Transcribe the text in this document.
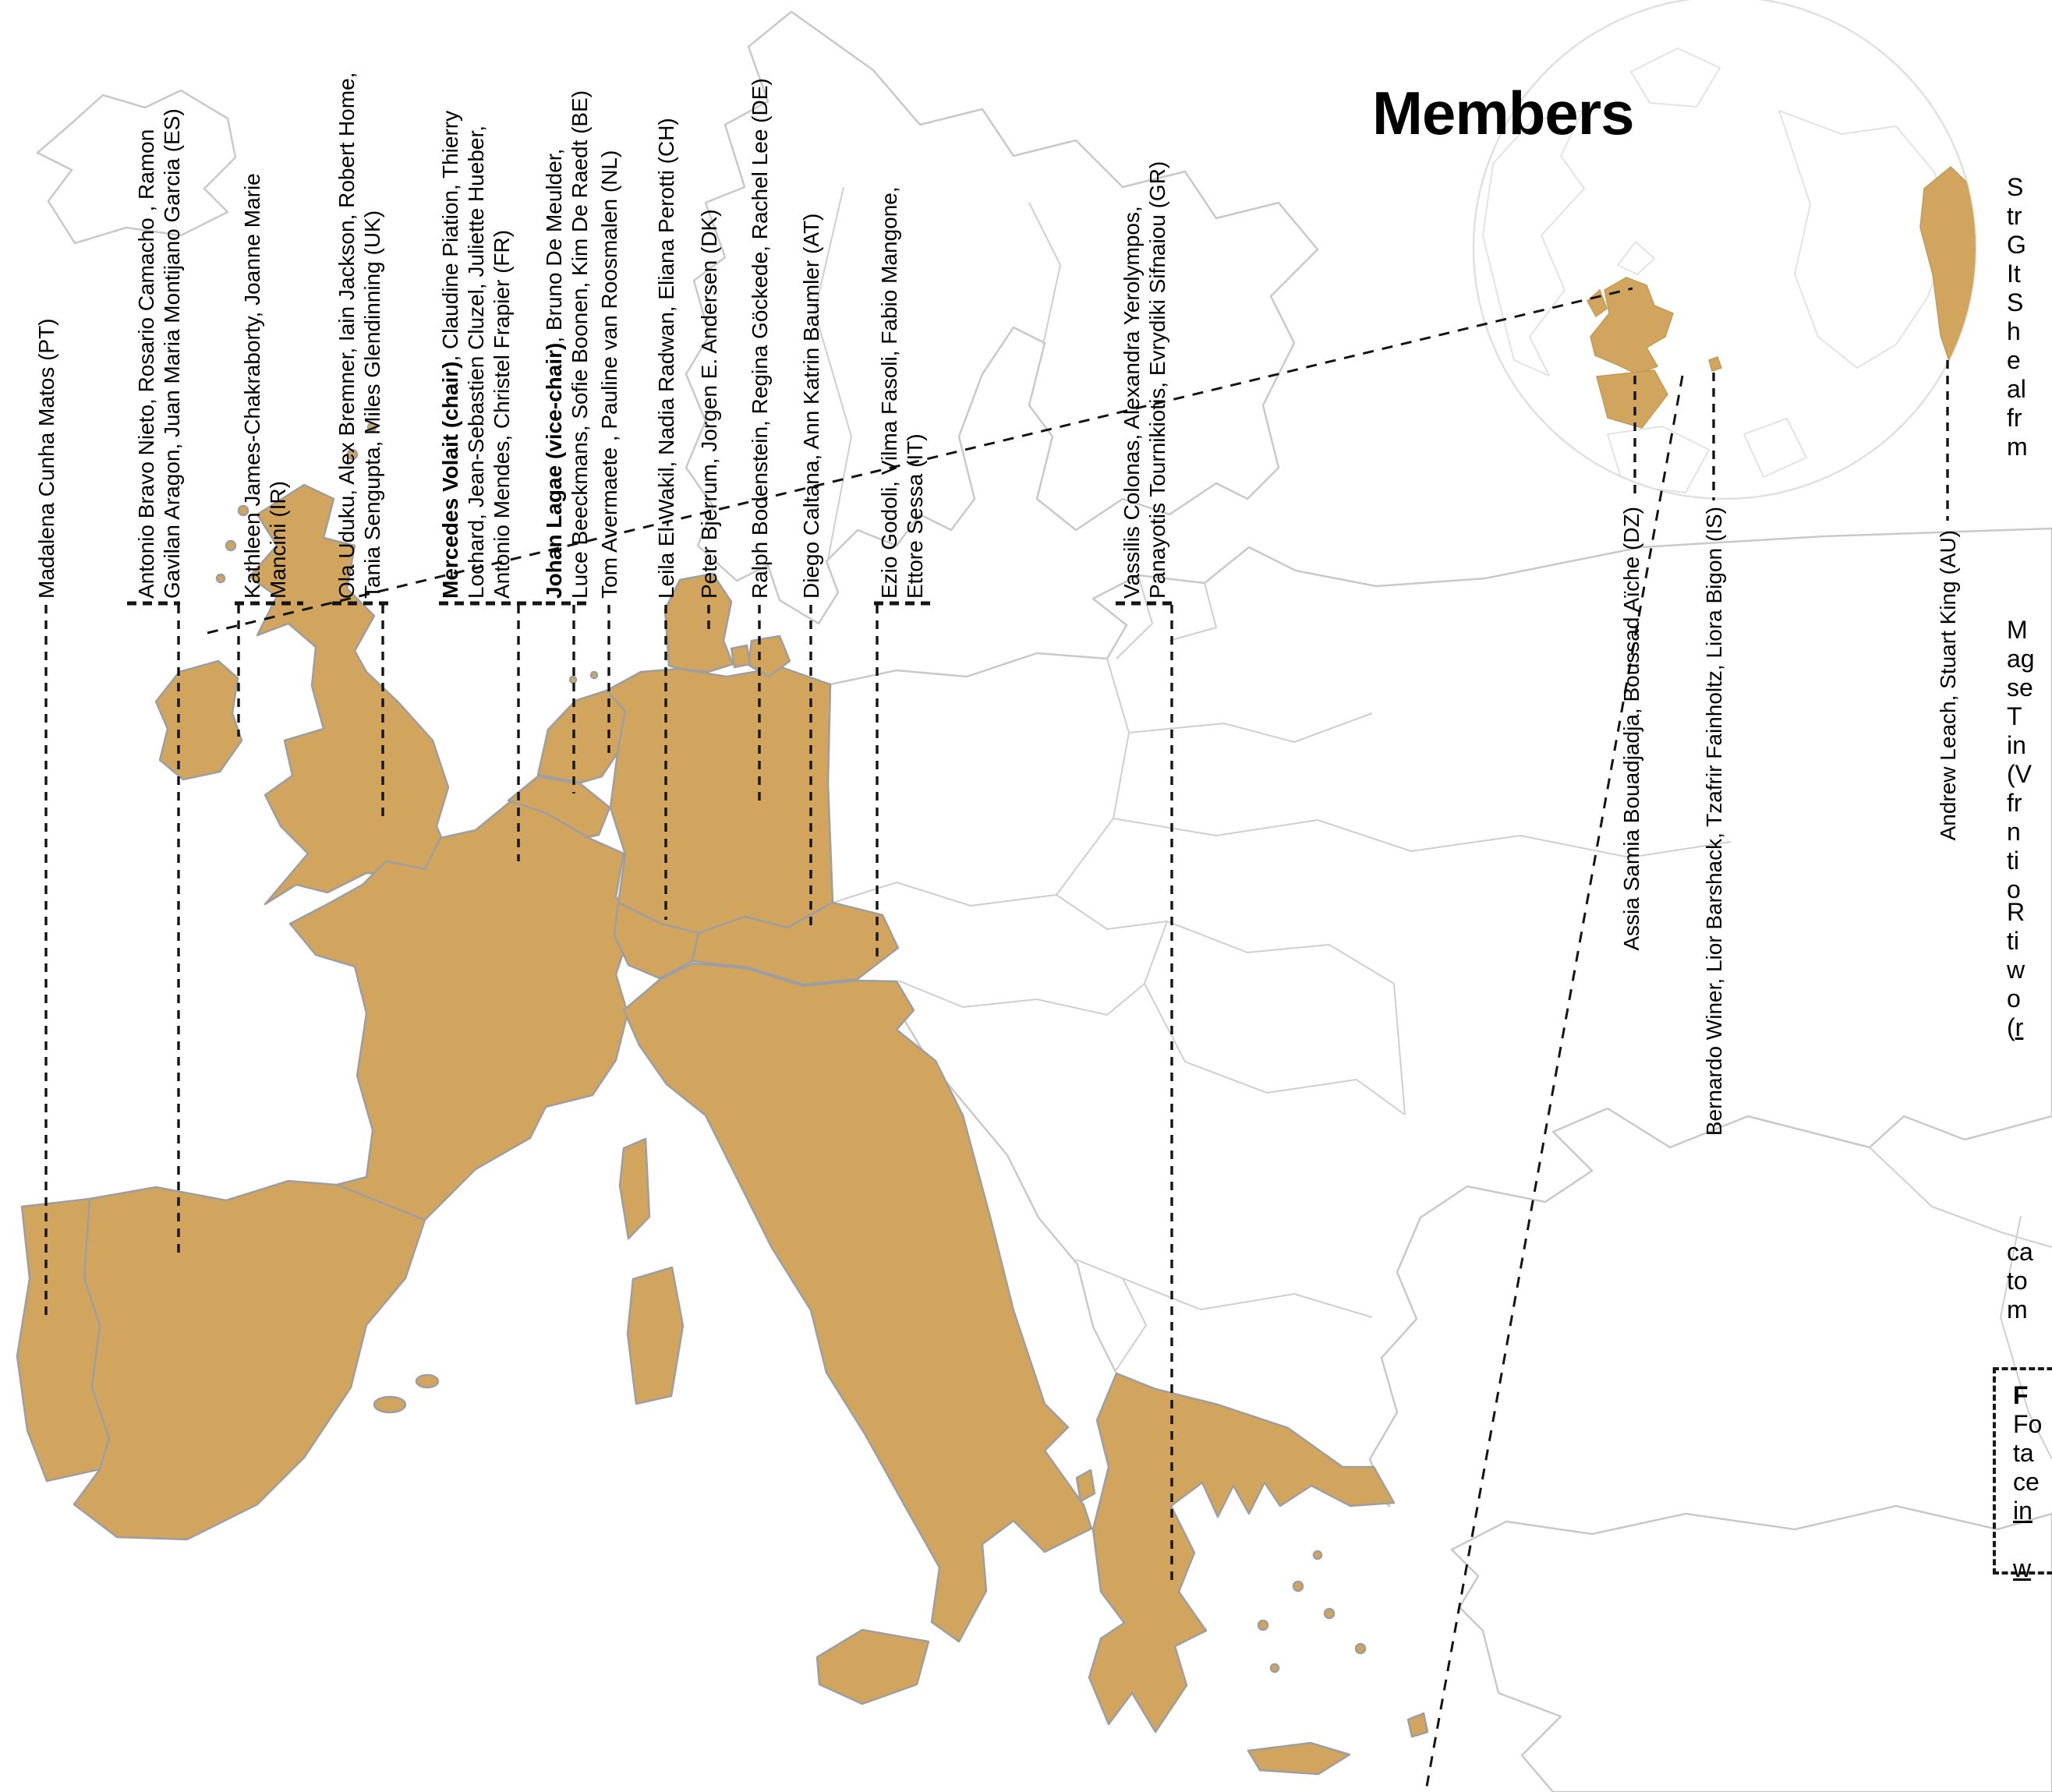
Madalena Cunha Matos (PT)	Antonio Bravo Nieto, Rosario Camacho , Ramon Gavilan Aragon, Juan Maria Montijano Garcia (ES)	Kathleen James-Chakraborty, Joanne Marie Mancini (IR) Ola Uduku, Alex Bremner, Iain Jackson, Robert Home, Tania Sengupta, Miles Glendinning (UK) Mercedes Volait (chair), Claudine Piation, Thierry Lochard, Jean-Sebastien Cluzel, Juliette Hueber, Antonio Mendes, Christel Frapier (FR) Johan Lagae (vice-chair), Bruno De Meulder, Luce Beeckmans, Sofie Boonen, Kim De Raedt (BE) Tom Avermaete , Pauline van Roosmalen (NL) Leila El-Wakil, Nadia Radwan, Eliana Perotti (CH) Peter Bjerrum, Jorgen E. Andersen (DK) Ralph Bodenstein, Regina Göckede, Rachel Lee (DE) Diego Caltana, Ann Katrin Baumler (AT) Ezio Godoli, Vilma Fasoli, Fabio Mangone, Ettore Sessa (IT)	Vassilis Colonas, Alexandra Yerolympos, Panayotis Tournikiotis, Evrydiki Sifnaiou (GR)
Assia Samia Bouadjadja, Boussad Aïche (DZ)	Bernardo Winer, Lior Barshack, Tzafrir Fainholtz, Liora Bigon (IS)	Andrew Leach, Stuart King (AU)
Members
S
tr
G
It
S
h
e
al
fr
m
M
ag
se
T
in
(V
fr
n
ti
o
R
ti
w
o
(r
ca
to
m
F
Fo
ta
ce
in

w
